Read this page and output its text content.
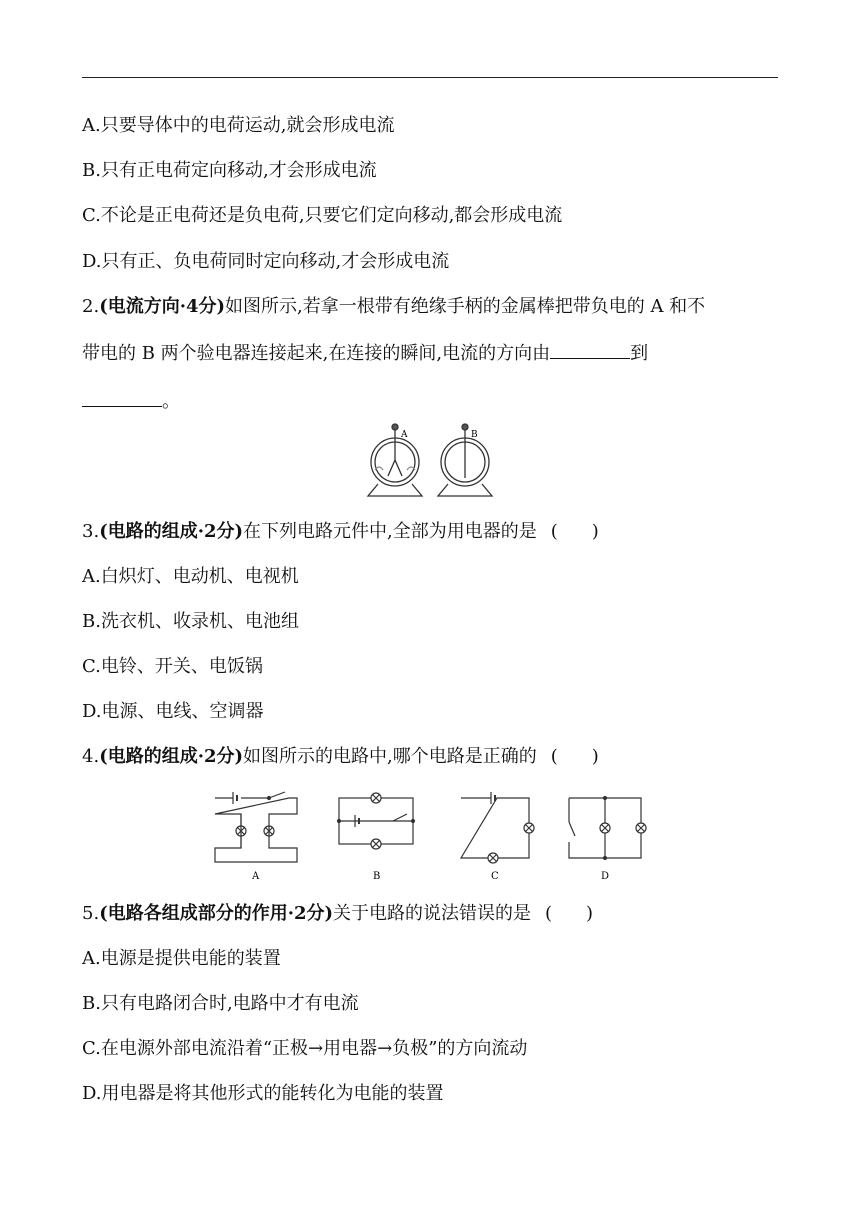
A.只要导体中的电荷运动,就会形成电流
B.只有正电荷定向移动,才会形成电流
C.不论是正电荷还是负电荷,只要它们定向移动,都会形成电流
D.只有正、负电荷同时定向移动,才会形成电流
2.(电流方向·4分)如图所示,若拿一根带有绝缘手柄的金属棒把带负电的 A 和不
带电的 B 两个验电器连接起来,在连接的瞬间,电流的方向由	到
。
A	B
3.(电路的组成·2分)在下列电路元件中,全部为用电器的是 ( )
A.白炽灯、电动机、电视机
B.洗衣机、收录机、电池组
C.电铃、开关、电饭锅
D.电源、电线、空调器
4.(电路的组成·2分)如图所示的电路中,哪个电路是正确的 ( )
A	B	C	D
5.(电路各组成部分的作用·2分)关于电路的说法错误的是 ( )
A.电源是提供电能的装置
B.只有电路闭合时,电路中才有电流
C.在电源外部电流沿着“正极→用电器→负极”的方向流动
D.用电器是将其他形式的能转化为电能的装置
